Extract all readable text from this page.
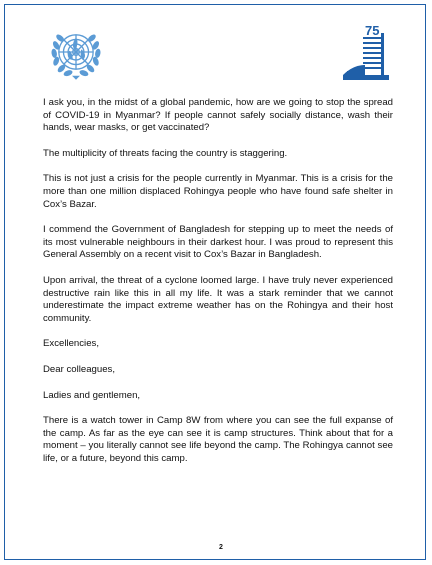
75

I ask you, in the midst of a global pandemic, how are we going to stop the spread of COVID-19 in Myanmar? If people cannot safely socially distance, wash their hands, wear masks, or get vaccinated?

The multiplicity of threats facing the country is staggering.

This is not just a crisis for the people currently in Myanmar. This is a crisis for the more than one million displaced Rohingya people who have found safe shelter in Cox’s Bazar.

I commend the Government of Bangladesh for stepping up to meet the needs of its most vulnerable neighbours in their darkest hour. I was proud to represent this General Assembly on a recent visit to Cox’s Bazar in Bangladesh.

Upon arrival, the threat of a cyclone loomed large. I have truly never experienced destructive rain like this in all my life. It was a stark reminder that we cannot underestimate the impact extreme weather has on the Rohingya and their host community.

Excellencies,

Dear colleagues,

Ladies and gentlemen,

There is a watch tower in Camp 8W from where you can see the full expanse of the camp. As far as the eye can see it is camp structures. Think about that for a moment – you literally cannot see life beyond the camp. The Rohingya cannot see life, or a future, beyond this camp.

2
